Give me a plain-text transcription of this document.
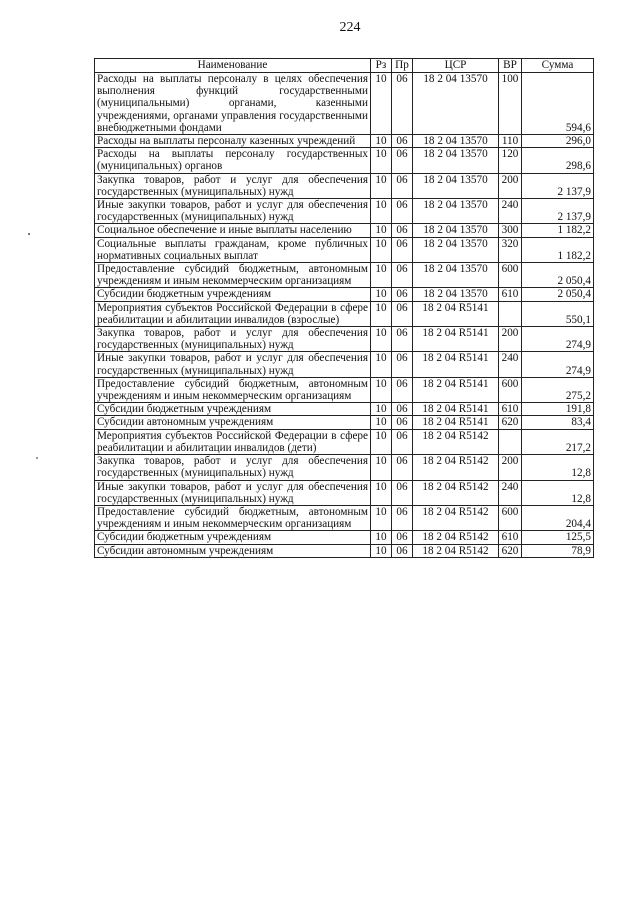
224
Наименование	Рз	Пр	ЦСР	ВР	Сумма
Расходы на выплаты персоналу в целях обеспечения выполнения функций государственными (муниципальными) органами, казенными учреждениями, органами управления государственными внебюджетными фондами	10	06	18 2 04 13570	100	594,6
Расходы на выплаты персоналу казенных учреждений	10	06	18 2 04 13570	110	296,0
Расходы на выплаты персоналу государственных (муниципальных) органов	10	06	18 2 04 13570	120	298,6
Закупка товаров, работ и услуг для обеспечения государственных (муниципальных) нужд	10	06	18 2 04 13570	200	2 137,9
Иные закупки товаров, работ и услуг для обеспечения государственных (муниципальных) нужд	10	06	18 2 04 13570	240	2 137,9
Социальное обеспечение и иные выплаты населению	10	06	18 2 04 13570	300	1 182,2
Социальные выплаты гражданам, кроме публичных нормативных социальных выплат	10	06	18 2 04 13570	320	1 182,2
Предоставление субсидий бюджетным, автономным учреждениям и иным некоммерческим организациям	10	06	18 2 04 13570	600	2 050,4
Субсидии бюджетным учреждениям	10	06	18 2 04 13570	610	2 050,4
Мероприятия субъектов Российской Федерации в сфере реабилитации и абилитации инвалидов (взрослые)	10	06	18 2 04 R5141		550,1
Закупка товаров, работ и услуг для обеспечения государственных (муниципальных) нужд	10	06	18 2 04 R5141	200	274,9
Иные закупки товаров, работ и услуг для обеспечения государственных (муниципальных) нужд	10	06	18 2 04 R5141	240	274,9
Предоставление субсидий бюджетным, автономным учреждениям и иным некоммерческим организациям	10	06	18 2 04 R5141	600	275,2
Субсидии бюджетным учреждениям	10	06	18 2 04 R5141	610	191,8
Субсидии автономным учреждениям	10	06	18 2 04 R5141	620	83,4
Мероприятия субъектов Российской Федерации в сфере реабилитации и абилитации инвалидов (дети)	10	06	18 2 04 R5142		217,2
Закупка товаров, работ и услуг для обеспечения государственных (муниципальных) нужд	10	06	18 2 04 R5142	200	12,8
Иные закупки товаров, работ и услуг для обеспечения государственных (муниципальных) нужд	10	06	18 2 04 R5142	240	12,8
Предоставление субсидий бюджетным, автономным учреждениям и иным некоммерческим организациям	10	06	18 2 04 R5142	600	204,4
Субсидии бюджетным учреждениям	10	06	18 2 04 R5142	610	125,5
Субсидии автономным учреждениям	10	06	18 2 04 R5142	620	78,9
